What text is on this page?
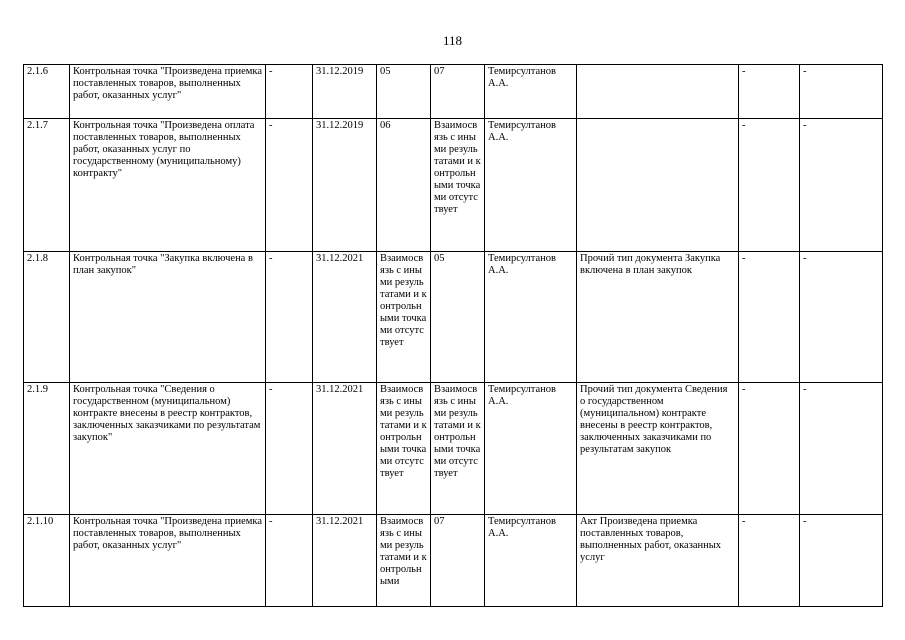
118
2.1.6	Контрольная точка "Произведена приемка поставленных товаров, выполненных работ, оказанных услуг"	-	31.12.2019	05	07	Темирсултанов А.А.		-	-
2.1.7	Контрольная точка "Произведена оплата поставленных товаров, выполненных работ, оказанных услуг по государственному (муниципальному) контракту"	-	31.12.2019	06	Взаимосвязь с иными результатами и контрольными точками отсутствует	Темирсултанов А.А.		-	-
2.1.8	Контрольная точка "Закупка включена в план закупок"	-	31.12.2021	Взаимосвязь с иными результатами и контрольными точками отсутствует	05	Темирсултанов А.А.	Прочий тип документа Закупка включена в план закупок	-	-
2.1.9	Контрольная точка "Сведения о государственном (муниципальном) контракте внесены в реестр контрактов, заключенных заказчиками по результатам закупок"	-	31.12.2021	Взаимосвязь с иными результатами и контрольными точками отсутствует	Взаимосвязь с иными результатами и контрольными точками отсутствует	Темирсултанов А.А.	Прочий тип документа Сведения о государственном (муниципальном) контракте внесены в реестр контрактов, заключенных заказчиками по результатам закупок	-	-
2.1.10	Контрольная точка "Произведена приемка поставленных товаров, выполненных работ, оказанных услуг"	-	31.12.2021	Взаимосвязь с иными результатами и контрольными	07	Темирсултанов А.А.	Акт Произведена приемка поставленных товаров, выполненных работ, оказанных услуг	-	-
